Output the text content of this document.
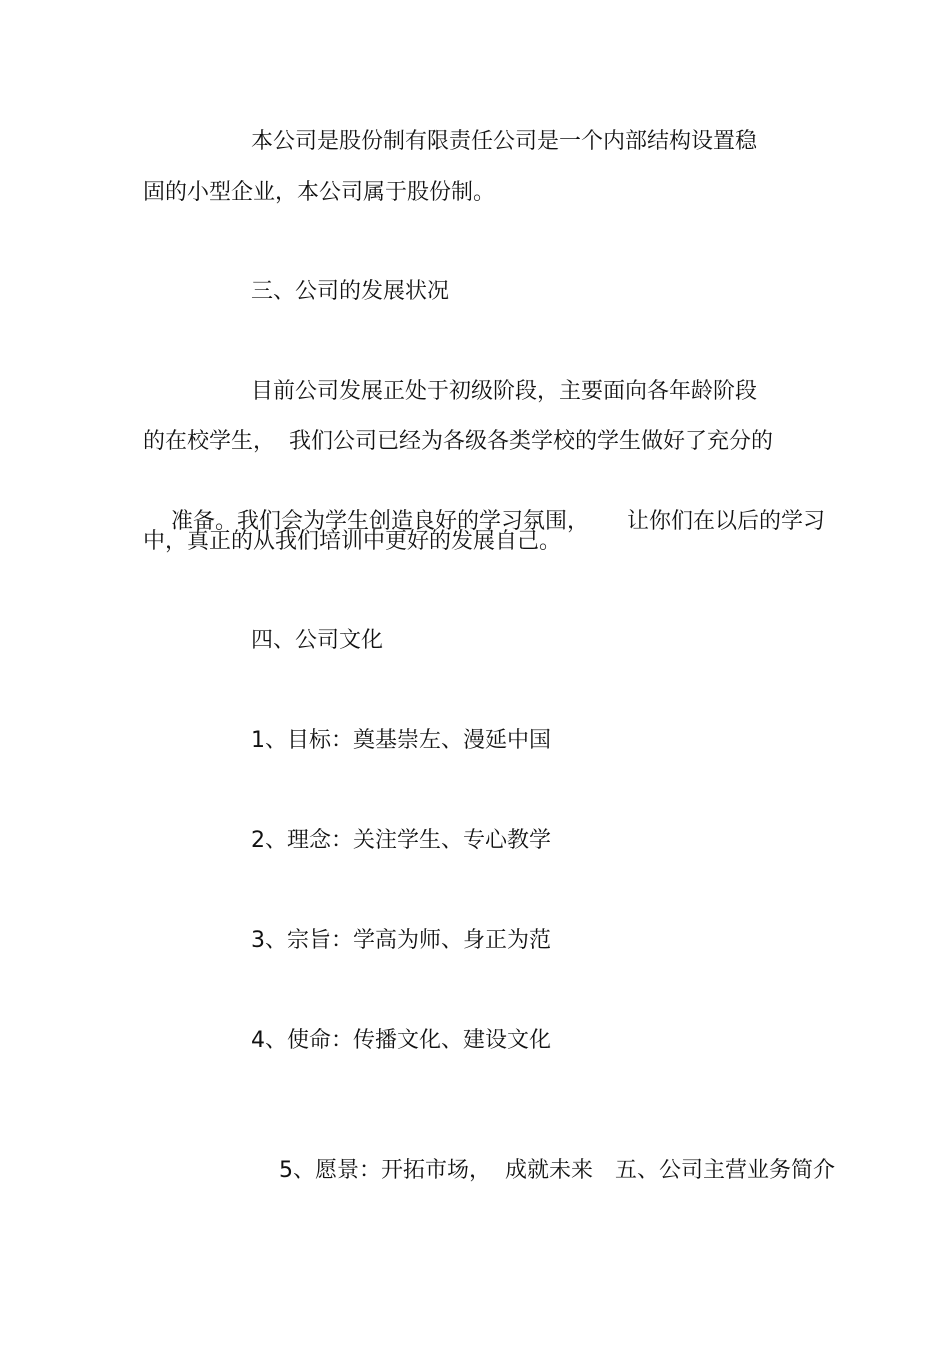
本公司是股份制有限责任公司是一个内部结构设置稳
固的小型企业，本公司属于股份制。
三、公司的发展状况
目前公司发展正处于初级阶段，主要面向各年龄阶段
的在校学生，  我们公司已经为各级各类学校的学生做好了充分的

准备。我们会为学生创造良好的学习氛围， 让你们在以后的学习

中，真正的从我们培训中更好的发展自己。
四、公司文化
1、目标：奠基崇左、漫延中国
2、理念：关注学生、专心教学
3、宗旨：学高为师、身正为范
4、使命：传播文化、建设文化

5、愿景：开拓市场，  成就未来 五、公司主营业务简介
